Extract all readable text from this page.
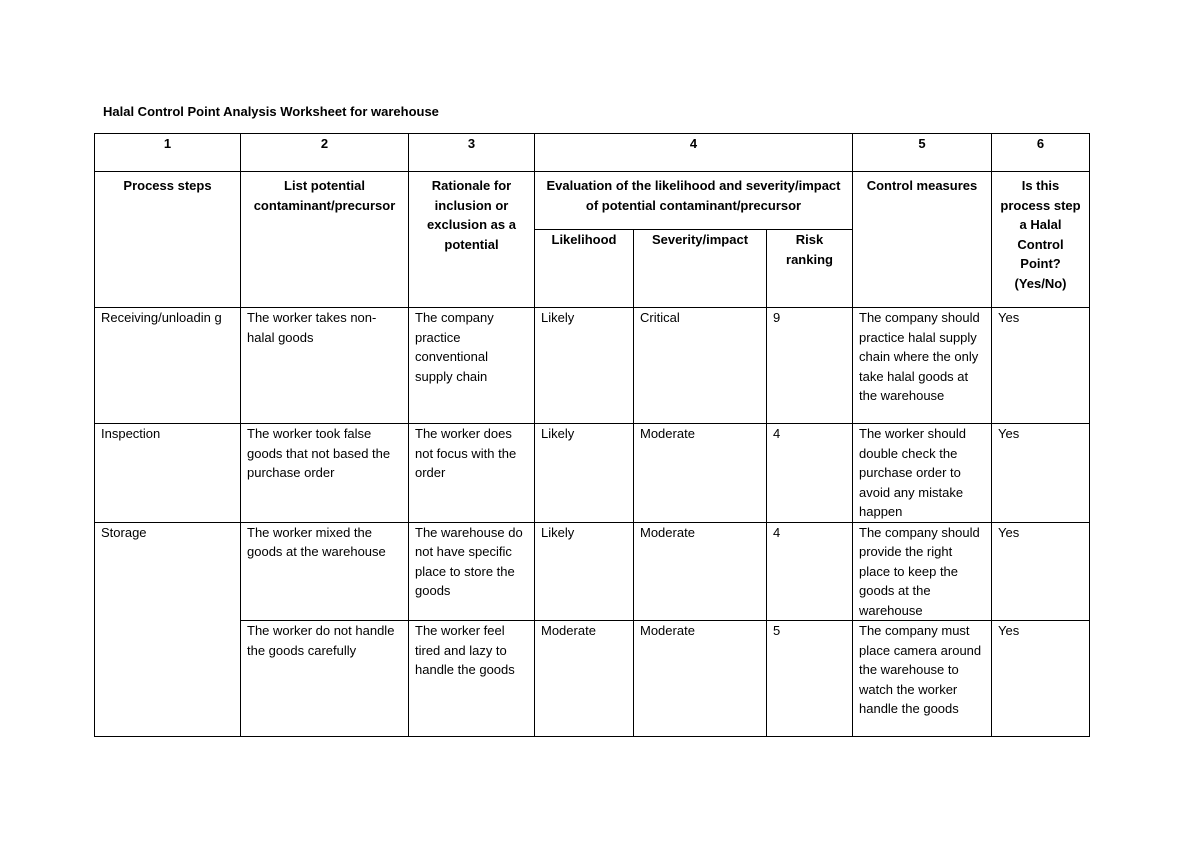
Halal Control Point Analysis Worksheet for warehouse
1	2	3	4			5	6
Process steps	List potential contaminant/precursor	Rationale for inclusion or exclusion as a potential	Evaluation of the likelihood and severity/impact of potential contaminant/precursor			Control measures	Is this process step a Halal Control Point? (Yes/No)
			Likelihood	Severity/impact	Risk ranking		
Receiving/unloadin g	The worker takes non-halal goods	The company practice conventional supply chain	Likely	Critical	9	The company should practice halal supply chain where the only take halal goods at the warehouse	Yes
Inspection	The worker took false goods that not based the purchase order	The worker does not focus with the order	Likely	Moderate	4	The worker should double check the purchase order to avoid any mistake happen	Yes
Storage	The worker mixed the goods at the warehouse	The warehouse do not have specific place to store the goods	Likely	Moderate	4	The company should provide the right place to keep the goods at the warehouse	Yes
	The worker do not handle the goods carefully	The worker feel tired and lazy to handle the goods	Moderate	Moderate	5	The company must place camera around the warehouse to watch the worker handle the goods	Yes
